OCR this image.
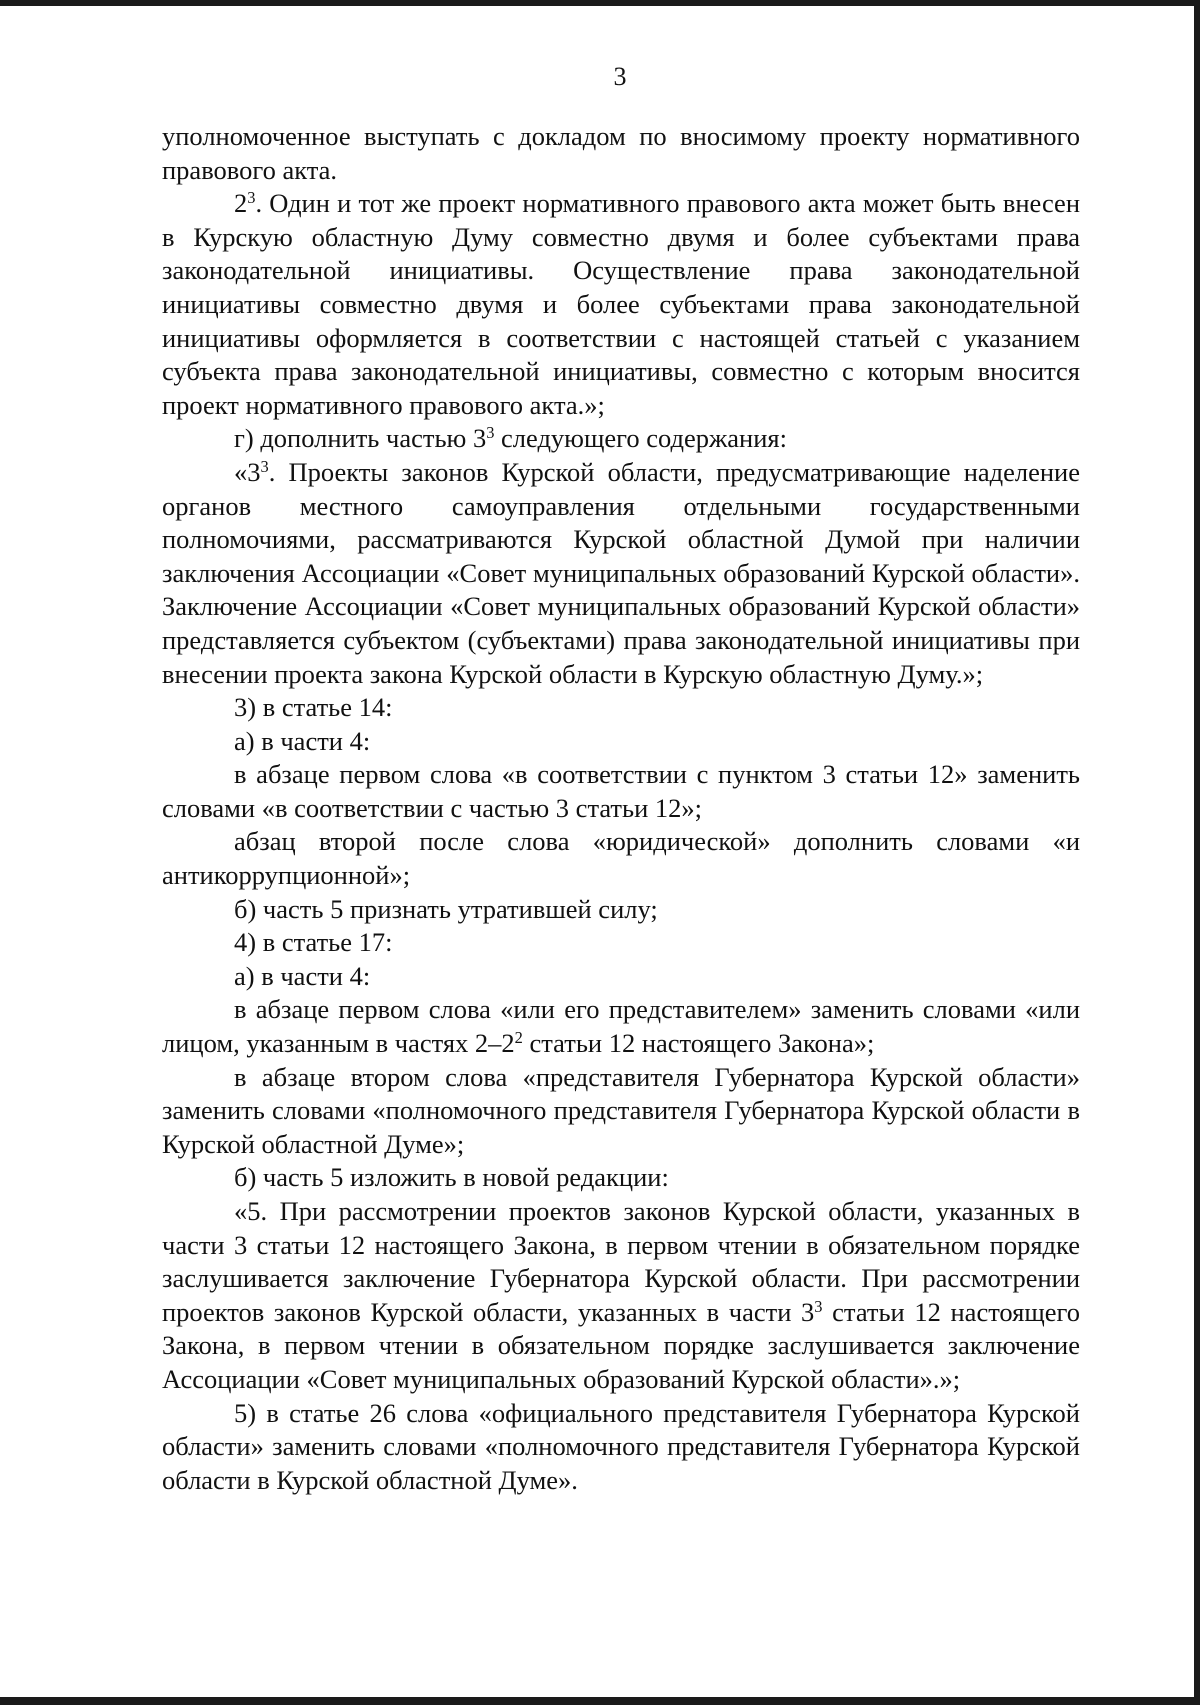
3

уполномоченное выступать с докладом по вносимому проекту нормативного правового акта.

$2^3$. Один и тот же проект нормативного правового акта может быть внесен в Курскую областную Думу совместно двумя и более субъектами права законодательной инициативы. Осуществление права законодательной инициативы совместно двумя и более субъектами права законодательной инициативы оформляется в соответствии с настоящей статьей с указанием субъекта права законодательной инициативы, совместно с которым вносится проект нормативного правового акта.»;

г) дополнить частью $3^3$ следующего содержания:

«$3^3$. Проекты законов Курской области, предусматривающие наделение органов местного самоуправления отдельными государственными полномочиями, рассматриваются Курской областной Думой при наличии заключения Ассоциации «Совет муниципальных образований Курской области». Заключение Ассоциации «Совет муниципальных образований Курской области» представляется субъектом (субъектами) права законодательной инициативы при внесении проекта закона Курской области в Курскую областную Думу.»;

3) в статье 14:

а) в части 4:

в абзаце первом слова «в соответствии с пунктом 3 статьи 12» заменить словами «в соответствии с частью 3 статьи 12»;

абзац второй после слова «юридической» дополнить словами «и антикоррупционной»;

б) часть 5 признать утратившей силу;

4) в статье 17:

а) в части 4:

в абзаце первом слова «или его представителем» заменить словами «или лицом, указанным в частях $2-2^2$ статьи 12 настоящего Закона»;

в абзаце втором слова «представителя Губернатора Курской области» заменить словами «полномочного представителя Губернатора Курской области в Курской областной Думе»;

б) часть 5 изложить в новой редакции:

«5. При рассмотрении проектов законов Курской области, указанных в части 3 статьи 12 настоящего Закона, в первом чтении в обязательном порядке заслушивается заключение Губернатора Курской области. При рассмотрении проектов законов Курской области, указанных в части $3^3$ статьи 12 настоящего Закона, в первом чтении в обязательном порядке заслушивается заключение Ассоциации «Совет муниципальных образований Курской области».»;

5) в статье 26 слова «официального представителя Губернатора Курской области» заменить словами «полномочного представителя Губернатора Курской области в Курской областной Думе».
